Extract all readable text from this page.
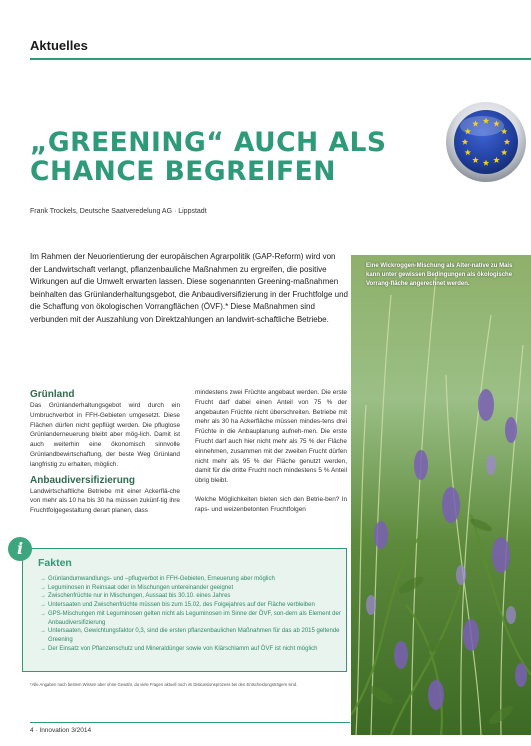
Aktuelles
„GREENING“ AUCH ALS
CHANCE BEGREIFEN
Frank Trockels, Deutsche Saatveredelung AG · Lippstadt
Im Rahmen der Neuorientierung der europäischen Agrarpolitik (GAP-Reform) wird von der Landwirtschaft verlangt, pflanzenbauliche Maßnahmen zu ergreifen, die positive Wirkungen auf die Umwelt erwarten lassen. Diese sogenannten Greening-maßnahmen beinhalten das Grünlanderhaltungsgebot, die Anbaudiversifizierung in der Fruchtfolge und die Schaffung von ökologischen Vorrangflächen (ÖVF).* Diese Maßnahmen sind verbunden mit der Auszahlung von Direktzahlungen an landwirt-schaftliche Betriebe.
Eine Wickroggen-Mischung als Alter-native zu Mais kann unter gewissen Bedingungen als ökologische Vorrang-fläche angerechnet werden.
Grünland

Das Grünlanderhaltungsgebot wird durch ein Umbruchverbot in FFH-Gebieten umgesetzt. Diese Flächen dürfen nicht gepflügt werden. Die pfluglose Grünlanderneuerung bleibt aber mög-lich. Damit ist auch weiterhin eine ökonomisch sinnvolle Grünlandbewirtschaftung, der beste Weg Grünland langfristig zu erhalten, möglich.

Anbaudiversifizierung

Landwirtschaftliche Betriebe mit einer Ackerflä-che von mehr als 10 ha bis 30 ha müssen zukünf-tig ihre Fruchtfolgegestaltung derart planen, dass

mindestens zwei Früchte angebaut werden. Die erste Frucht darf dabei einen Anteil von 75 % der angebauten Früchte nicht überschreiten. Betriebe mit mehr als 30 ha Ackerfläche müssen mindes-tens drei Früchte in die Anbauplanung aufneh-men. Die erste Frucht darf auch hier nicht mehr als 75 % der Fläche einnehmen, zusammen mit der zweiten Frucht dürfen nicht mehr als 95 % der Fläche genutzt werden, damit für die dritte Frucht noch mindestens 5 % Anteil übrig bleibt.

Welche Möglichkeiten bieten sich den Betrie-ben? In raps- und weizenbetonten Fruchtfolgen

i
Fakten
→ Grünlandumwandlungs- und –pflugverbot in FFH-Gebieten, Erneuerung aber möglich
→ Leguminosen in Reinsaat oder in Mischungen untereinander geeignet
→ Zwischenfrüchte nur in Mischungen, Aussaat bis 30.10. eines Jahres
→ Untersaaten und Zwischenfrüchte müssen bis zum 15.02. des Folgejahres auf der Fläche verbleiben
→ GPS-Mischungen mit Leguminosen gelten nicht als Leguminosen im Sinne der ÖVF, son-dern als Element der Anbaudiversifizierung
→ Untersaaten, Gewichtungsfaktor 0,3, sind die ersten pflanzenbaulichen Maßnahmen für das ab 2015 geltende Greening
→ Der Einsatz von Pflanzenschutz und Mineraldünger sowie von Klärschlamm auf ÖVF ist nicht möglich
*Alle Angaben nach bestem Wissen aber ohne Gewähr, da viele Fragen aktuell noch im Diskussionsprozess bei den Entscheidungsträgern sind.
4 · Innovation 3/2014
